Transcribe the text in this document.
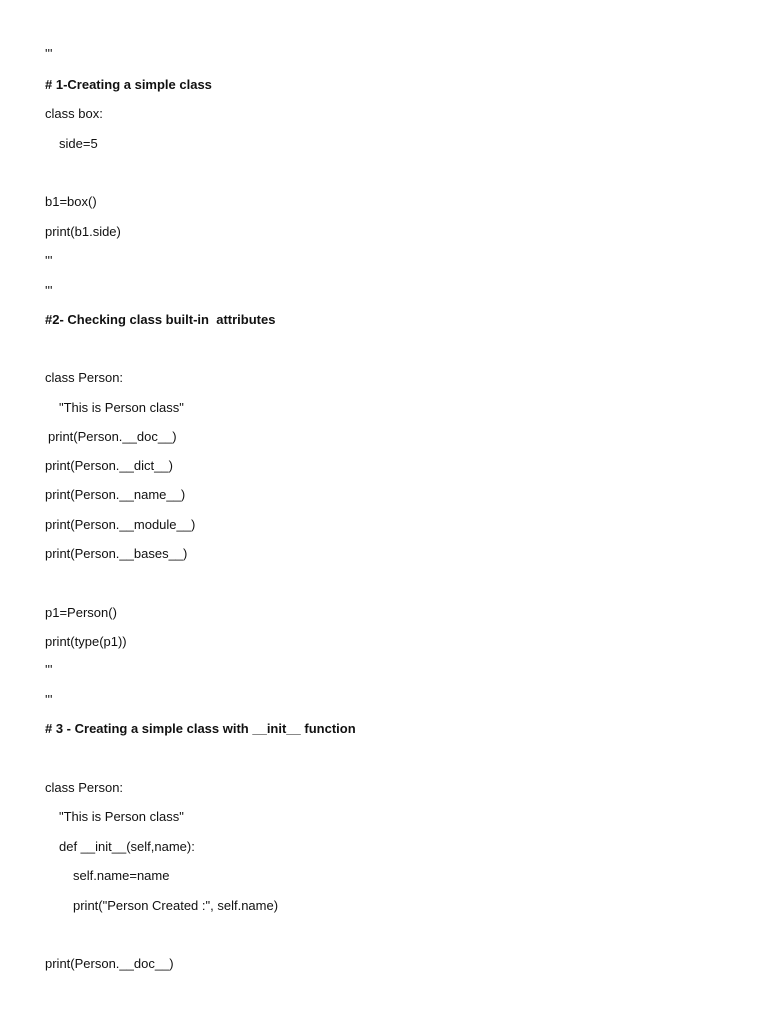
'''
# 1-Creating a simple class
class box:
side=5
b1=box()
print(b1.side)
'''
'''
#2- Checking class built-in  attributes
class Person:
"This is Person class"
print(Person.__doc__)
print(Person.__dict__)
print(Person.__name__)
print(Person.__module__)
print(Person.__bases__)
p1=Person()
print(type(p1))
'''
'''
# 3 - Creating a simple class with __init__ function
class Person:
"This is Person class"
def __init__(self,name):
self.name=name
print("Person Created :", self.name)
print(Person.__doc__)
